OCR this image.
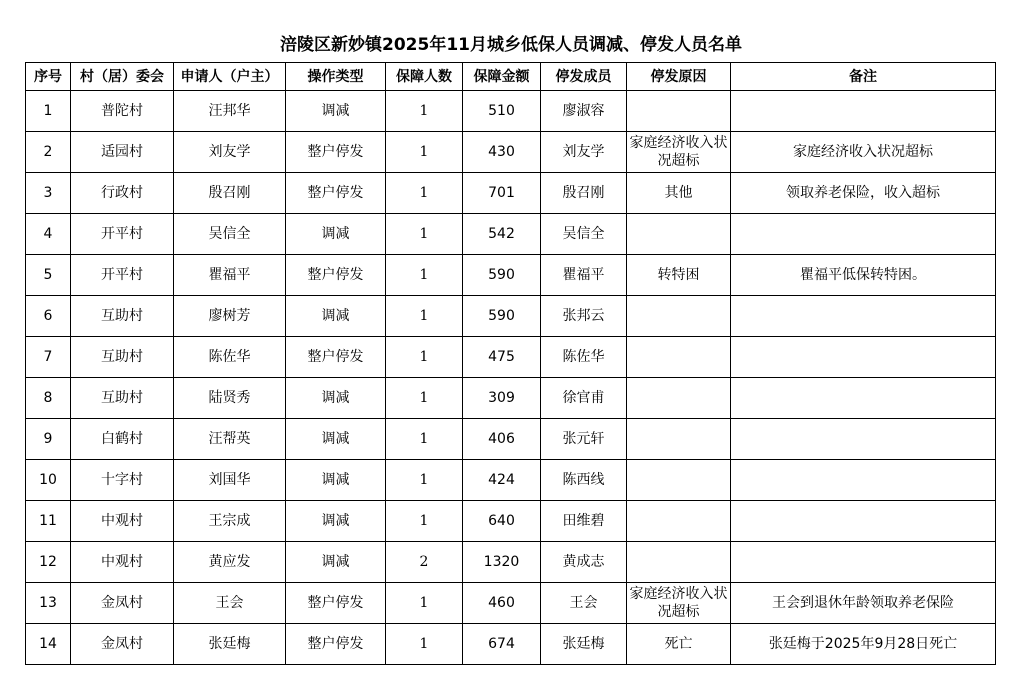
涪陵区新妙镇2025年11月城乡低保人员调减、停发人员名单
序号	村（居）委会	申请人（户主）	操作类型	保障人数	保障金额	停发成员	停发原因	备注
1	普陀村	汪邦华	调减	1	510	廖淑容		
2	适园村	刘友学	整户停发	1	430	刘友学	家庭经济收入状况超标	家庭经济收入状况超标
3	行政村	殷召刚	整户停发	1	701	殷召刚	其他	领取养老保险，收入超标
4	开平村	吴信全	调减	1	542	吴信全		
5	开平村	瞿福平	整户停发	1	590	瞿福平	转特困	瞿福平低保转特困。
6	互助村	廖树芳	调减	1	590	张邦云		
7	互助村	陈佐华	整户停发	1	475	陈佐华		
8	互助村	陆贤秀	调减	1	309	徐官甫		
9	白鹤村	汪帮英	调减	1	406	张元轩		
10	十字村	刘国华	调减	1	424	陈西线		
11	中观村	王宗成	调减	1	640	田维碧		
12	中观村	黄应发	调减	2	1320	黄成志		
13	金凤村	王会	整户停发	1	460	王会	家庭经济收入状况超标	王会到退休年龄领取养老保险
14	金凤村	张廷梅	整户停发	1	674	张廷梅	死亡	张廷梅于2025年9月28日死亡
